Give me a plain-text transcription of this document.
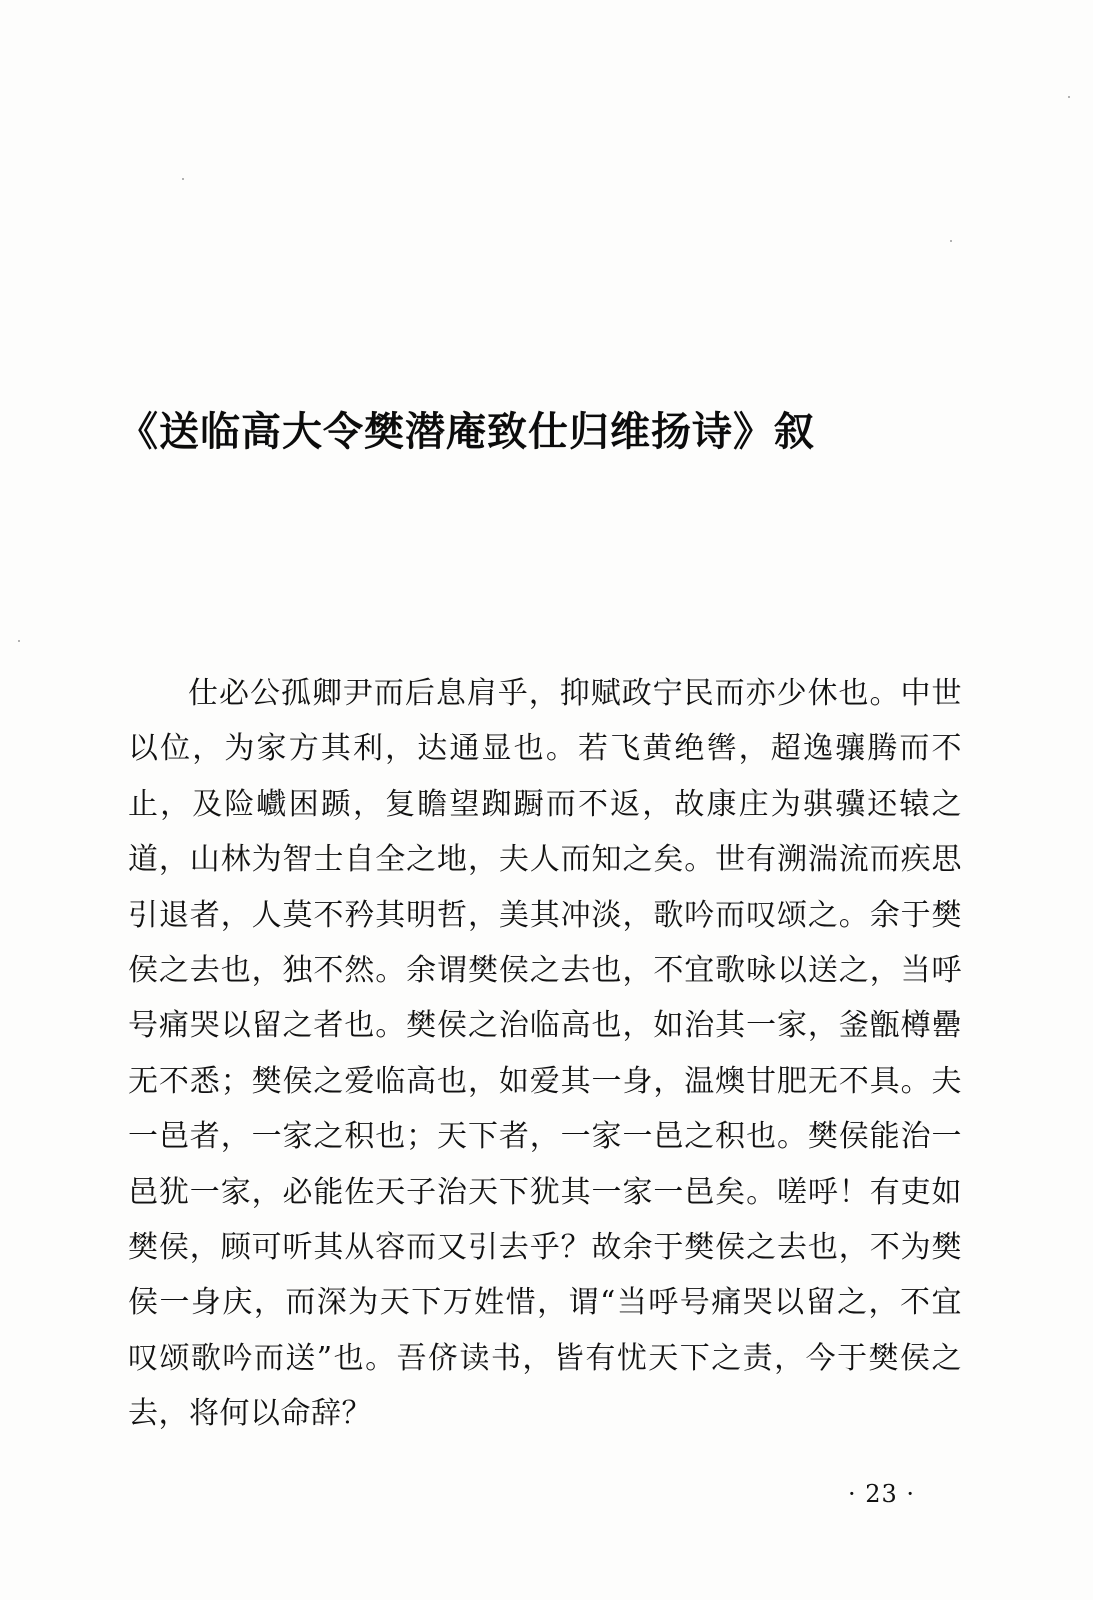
《送临高大令樊潜庵致仕归维扬诗》叙

仕必公孤卿尹而后息肩乎，抑赋政宁民而亦少休也。中世以位，为家方其利，达通显也。若飞黄绝辔，超逸骧腾而不止，及险巇困踬，复瞻望踟蹰而不返，故康庄为骐骥还辕之道，山林为智士自全之地，夫人而知之矣。世有溯湍流而疾思引退者，人莫不矜其明哲，美其冲淡，歌吟而叹颂之。余于樊侯之去也，独不然。余谓樊侯之去也，不宜歌咏以送之，当呼号痛哭以留之者也。樊侯之治临高也，如治其一家，釜甑樽罍无不悉；樊侯之爱临高也，如爱其一身，温燠甘肥无不具。夫一邑者，一家之积也；天下者，一家一邑之积也。樊侯能治一邑犹一家，必能佐天子治天下犹其一家一邑矣。嗟呼！有吏如樊侯，顾可听其从容而又引去乎？故余于樊侯之去也，不为樊侯一身庆，而深为天下万姓惜，谓“当呼号痛哭以留之，不宜叹颂歌吟而送”也。吾侪读书，皆有忧天下之责，今于樊侯之去，将何以命辞？

· 23 ·
